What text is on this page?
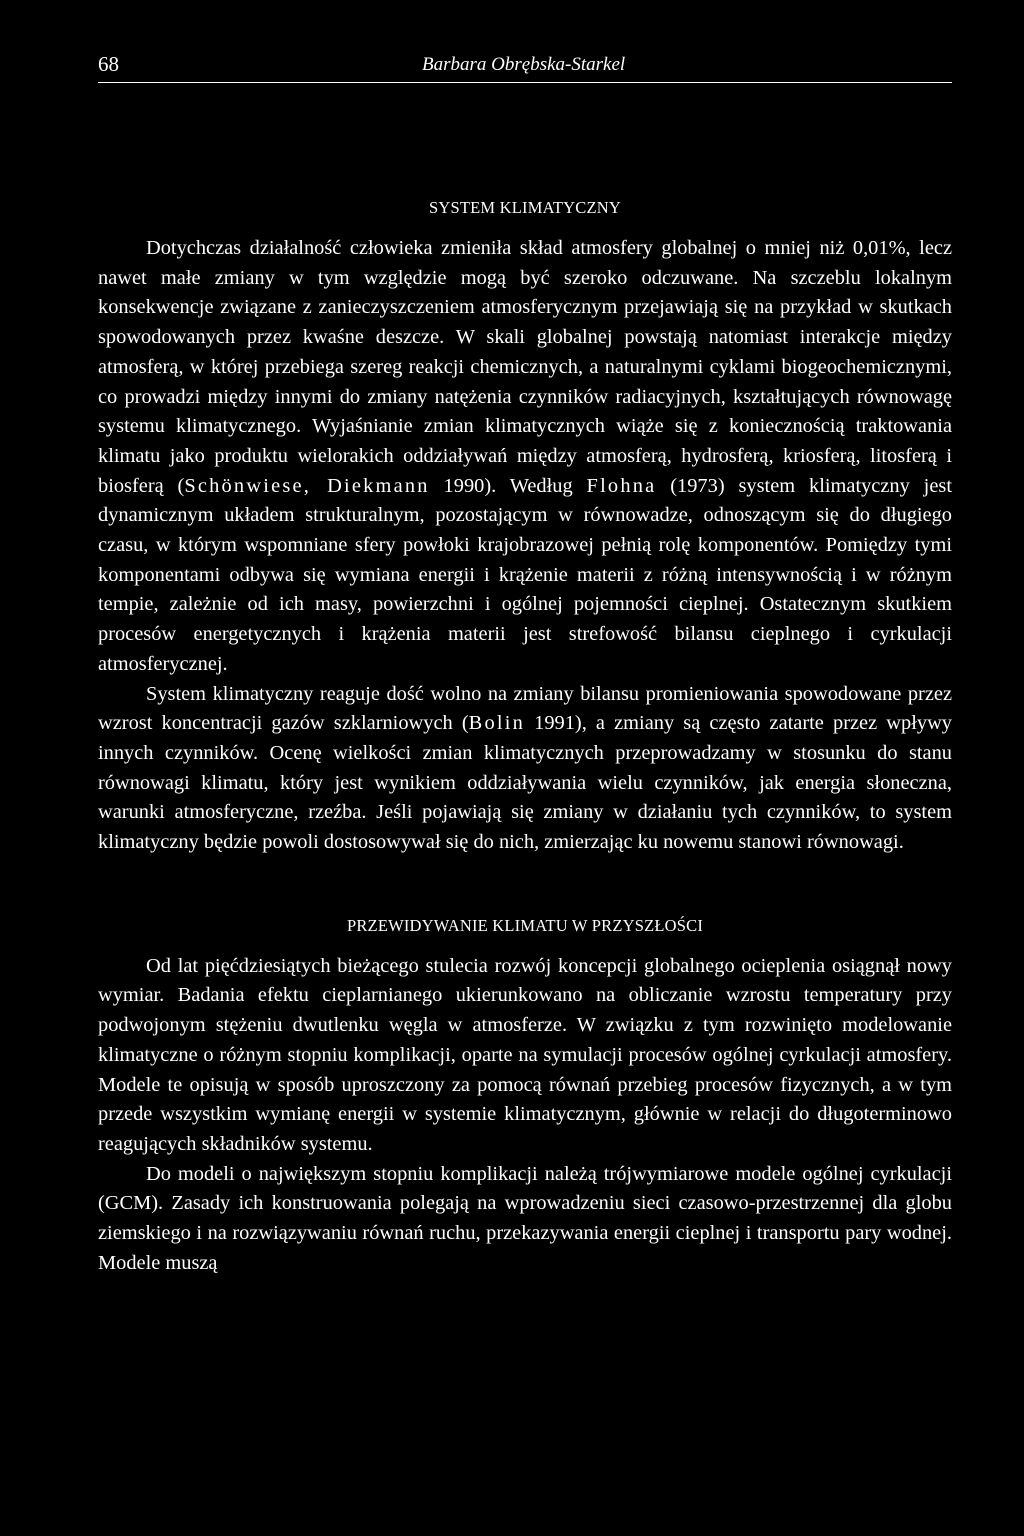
68	Barbara Obrębska-Starkel

SYSTEM KLIMATYCZNY

Dotychczas działalność człowieka zmieniła skład atmosfery globalnej o mniej niż 0,01%, lecz nawet małe zmiany w tym względzie mogą być szeroko odczuwane. Na szczeblu lokalnym konsekwencje związane z zanieczyszczeniem atmosferycznym przejawiają się na przykład w skutkach spowodowanych przez kwaśne deszcze. W skali globalnej powstają natomiast interakcje między atmosferą, w której przebiega szereg reakcji chemicznych, a naturalnymi cyklami biogeochemicznymi, co prowadzi między innymi do zmiany natężenia czynników radiacyjnych, kształtujących równowagę systemu klimatycznego. Wyjaśnianie zmian klimatycznych wiąże się z koniecznością traktowania klimatu jako produktu wielorakich oddziaływań między atmosferą, hydrosferą, kriosferą, litosferą i biosferą (Schönwiese, Diekmann 1990). Według Flohna (1973) system klimatyczny jest dynamicznym układem strukturalnym, pozostającym w równowadze, odnoszącym się do długiego czasu, w którym wspomniane sfery powłoki krajobrazowej pełnią rolę komponentów. Pomiędzy tymi komponentami odbywa się wymiana energii i krążenie materii z różną intensywnością i w różnym tempie, zależnie od ich masy, powierzchni i ogólnej pojemności cieplnej. Ostatecznym skutkiem procesów energetycznych i krążenia materii jest strefowość bilansu cieplnego i cyrkulacji atmosferycznej.

System klimatyczny reaguje dość wolno na zmiany bilansu promieniowania spowodowane przez wzrost koncentracji gazów szklarniowych (Bolin 1991), a zmiany są często zatarte przez wpływy innych czynników. Ocenę wielkości zmian klimatycznych przeprowadzamy w stosunku do stanu równowagi klimatu, który jest wynikiem oddziaływania wielu czynników, jak energia słoneczna, warunki atmosferyczne, rzeźba. Jeśli pojawiają się zmiany w działaniu tych czynników, to system klimatyczny będzie powoli dostosowywał się do nich, zmierzając ku nowemu stanowi równowagi.

PRZEWIDYWANIE KLIMATU W PRZYSZŁOŚCI

Od lat pięćdziesiątych bieżącego stulecia rozwój koncepcji globalnego ocieplenia osiągnął nowy wymiar. Badania efektu cieplarnianego ukierunkowano na obliczanie wzrostu temperatury przy podwojonym stężeniu dwutlenku węgla w atmosferze. W związku z tym rozwinięto modelowanie klimatyczne o różnym stopniu komplikacji, oparte na symulacji procesów ogólnej cyrkulacji atmosfery. Modele te opisują w sposób uproszczony za pomocą równań przebieg procesów fizycznych, a w tym przede wszystkim wymianę energii w systemie klimatycznym, głównie w relacji do długoterminowo reagujących składników systemu.

Do modeli o największym stopniu komplikacji należą trójwymiarowe modele ogólnej cyrkulacji (GCM). Zasady ich konstruowania polegają na wprowadzeniu sieci czasowo-przestrzennej dla globu ziemskiego i na rozwiązywaniu równań ruchu, przekazywania energii cieplnej i transportu pary wodnej. Modele muszą
